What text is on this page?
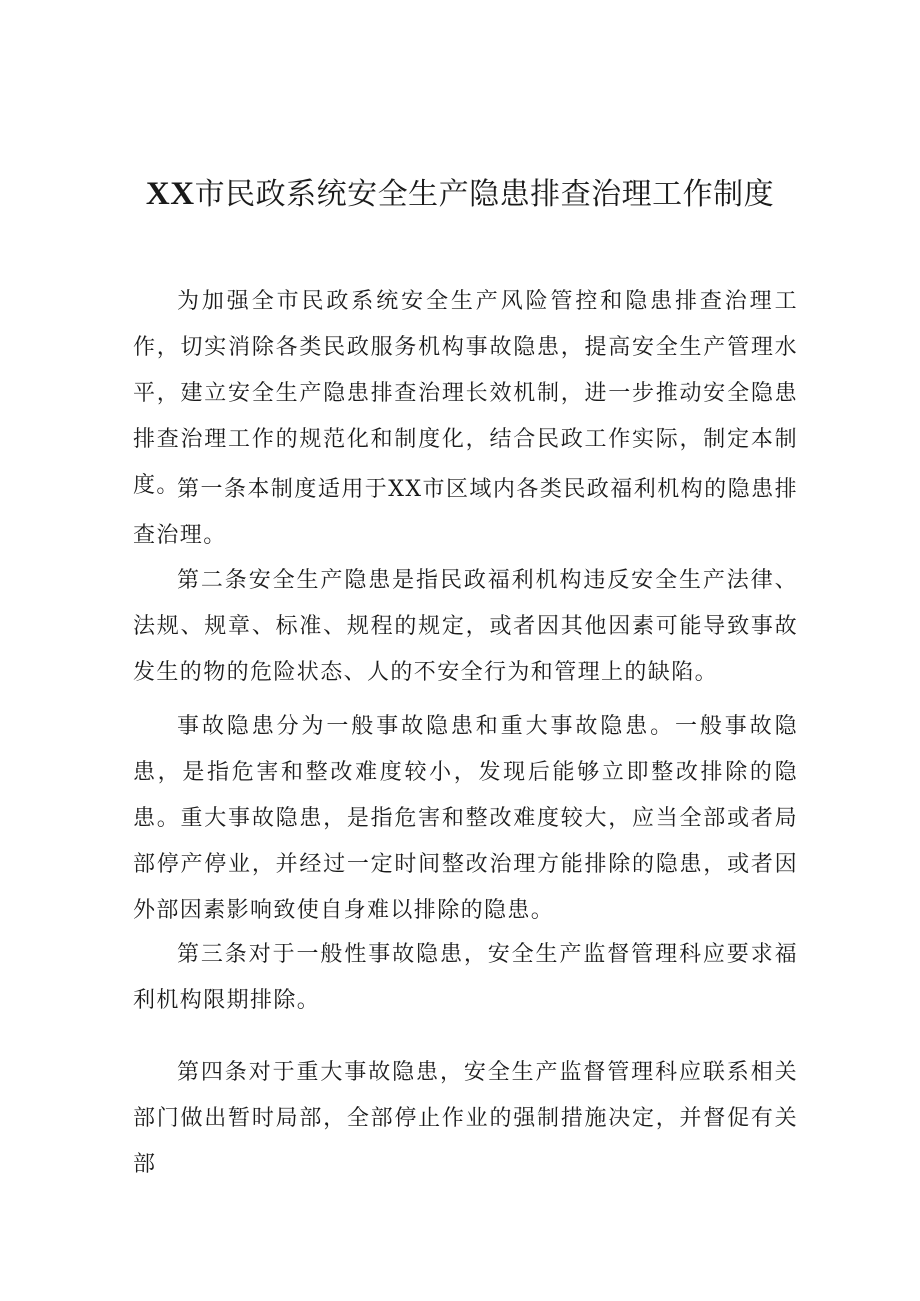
XX市民政系统安全生产隐患排查治理工作制度

为加强全市民政系统安全生产风险管控和隐患排查治理工作，切实消除各类民政服务机构事故隐患，提高安全生产管理水平，建立安全生产隐患排查治理长效机制，进一步推动安全隐患排查治理工作的规范化和制度化，结合民政工作实际，制定本制度。

第一条本制度适用于XX市区域内各类民政福利机构的隐患排查治理。

第二条安全生产隐患是指民政福利机构违反安全生产法律、法规、规章、标准、规程的规定，或者因其他因素可能导致事故发生的物的危险状态、人的不安全行为和管理上的缺陷。

事故隐患分为一般事故隐患和重大事故隐患。一般事故隐患，是指危害和整改难度较小，发现后能够立即整改排除的隐患。重大事故隐患，是指危害和整改难度较大，应当全部或者局部停产停业，并经过一定时间整改治理方能排除的隐患，或者因外部因素影响致使自身难以排除的隐患。

第三条对于一般性事故隐患，安全生产监督管理科应要求福利机构限期排除。

第四条对于重大事故隐患，安全生产监督管理科应联系相关部门做出暂时局部，全部停止作业的强制措施决定，并督促有关部
